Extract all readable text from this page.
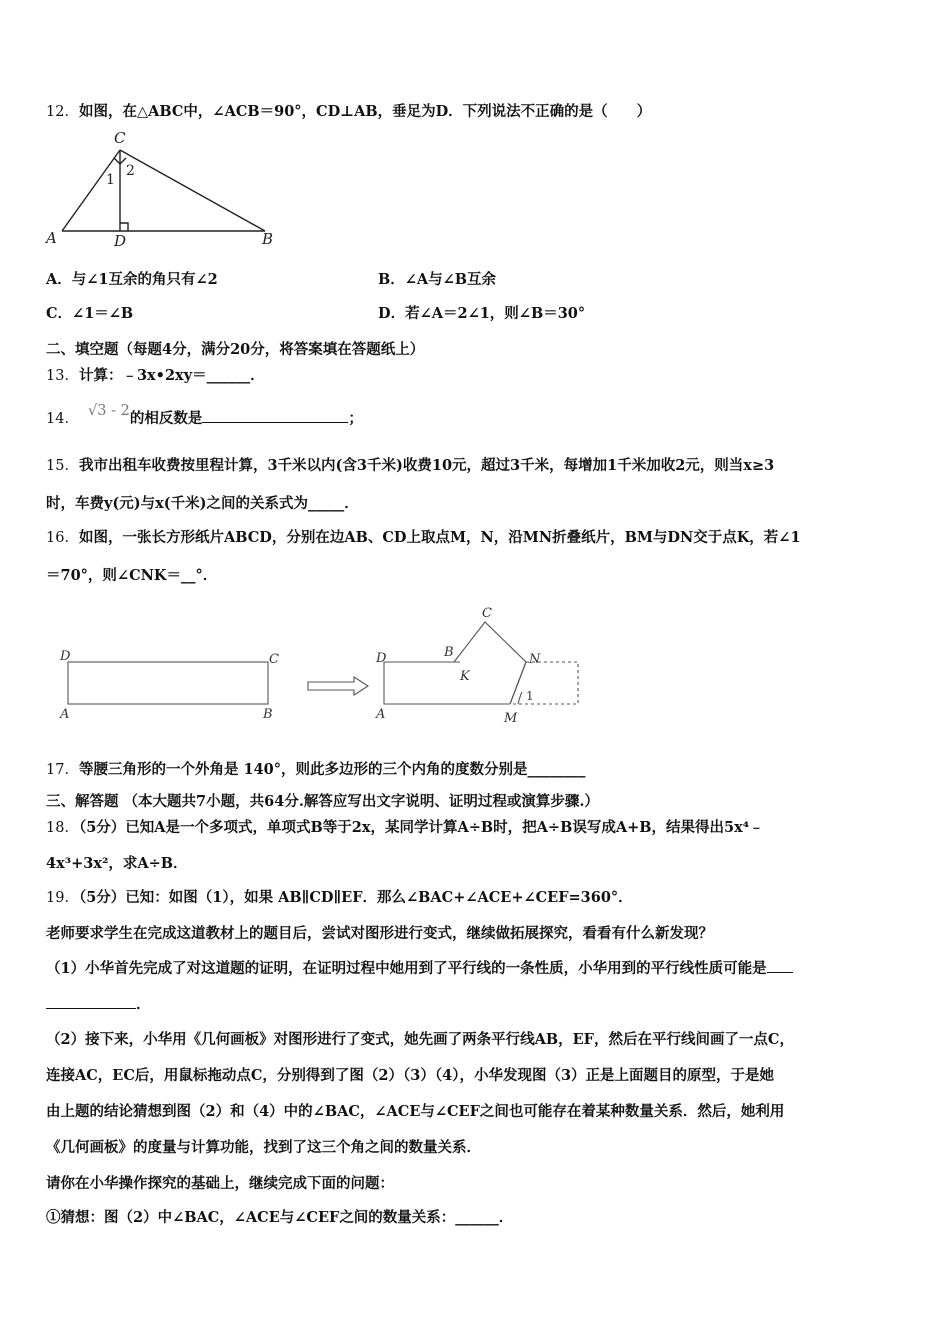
12．如图，在△ABC中，∠ACB＝90°，CD⊥AB，垂足为D．下列说法不正确的是（　　）
C
A	D	B
1
2
A．与∠1互余的角只有∠2	B．∠A与∠B互余
C．∠1＝∠B	D．若∠A＝2∠1，则∠B＝30°
二、填空题（每题4分，满分20分，将答案填在答题纸上）
13．计算：﹣3x•2xy＝______．
14． √3 - 2的相反数是	；
15．我市出租车收费按里程计算，3千米以内(含3千米)收费10元，超过3千米，每增加1千米加收2元，则当x≥3
时，车费y(元)与x(千米)之间的关系式为_____．
16．如图，一张长方形纸片ABCD，分别在边AB、CD上取点M，N，沿MN折叠纸片，BM与DN交于点K，若∠1
＝70°，则∠CNK＝__°．
D	C
A	B
D
A
B
C
K
N
M
1
17．等腰三角形的一个外角是 140°，则此多边形的三个内角的度数分别是________
三、解答题 （本大题共7小题，共64分.解答应写出文字说明、证明过程或演算步骤.）
18．（5分）已知A是一个多项式，单项式B等于2x，某同学计算A÷B时，把A÷B误写成A+B，结果得出5x⁴﹣
4x³+3x²，求A÷B．
19．（5分）已知：如图（1），如果 AB∥CD∥EF．那么∠BAC+∠ACE+∠CEF=360°．
老师要求学生在完成这道教材上的题目后，尝试对图形进行变式，继续做拓展探究，看看有什么新发现？
（1）小华首先完成了对这道题的证明，在证明过程中她用到了平行线的一条性质，小华用到的平行线性质可能是
．
（2）接下来，小华用《几何画板》对图形进行了变式，她先画了两条平行线AB，EF，然后在平行线间画了一点C，
连接AC，EC后，用鼠标拖动点C，分别得到了图（2）（3）（4），小华发现图（3）正是上面题目的原型，于是她
由上题的结论猜想到图（2）和（4）中的∠BAC，∠ACE与∠CEF之间也可能存在着某种数量关系．然后，她利用
《几何画板》的度量与计算功能，找到了这三个角之间的数量关系．
请你在小华操作探究的基础上，继续完成下面的问题：
①猜想：图（2）中∠BAC，∠ACE与∠CEF之间的数量关系：______．
